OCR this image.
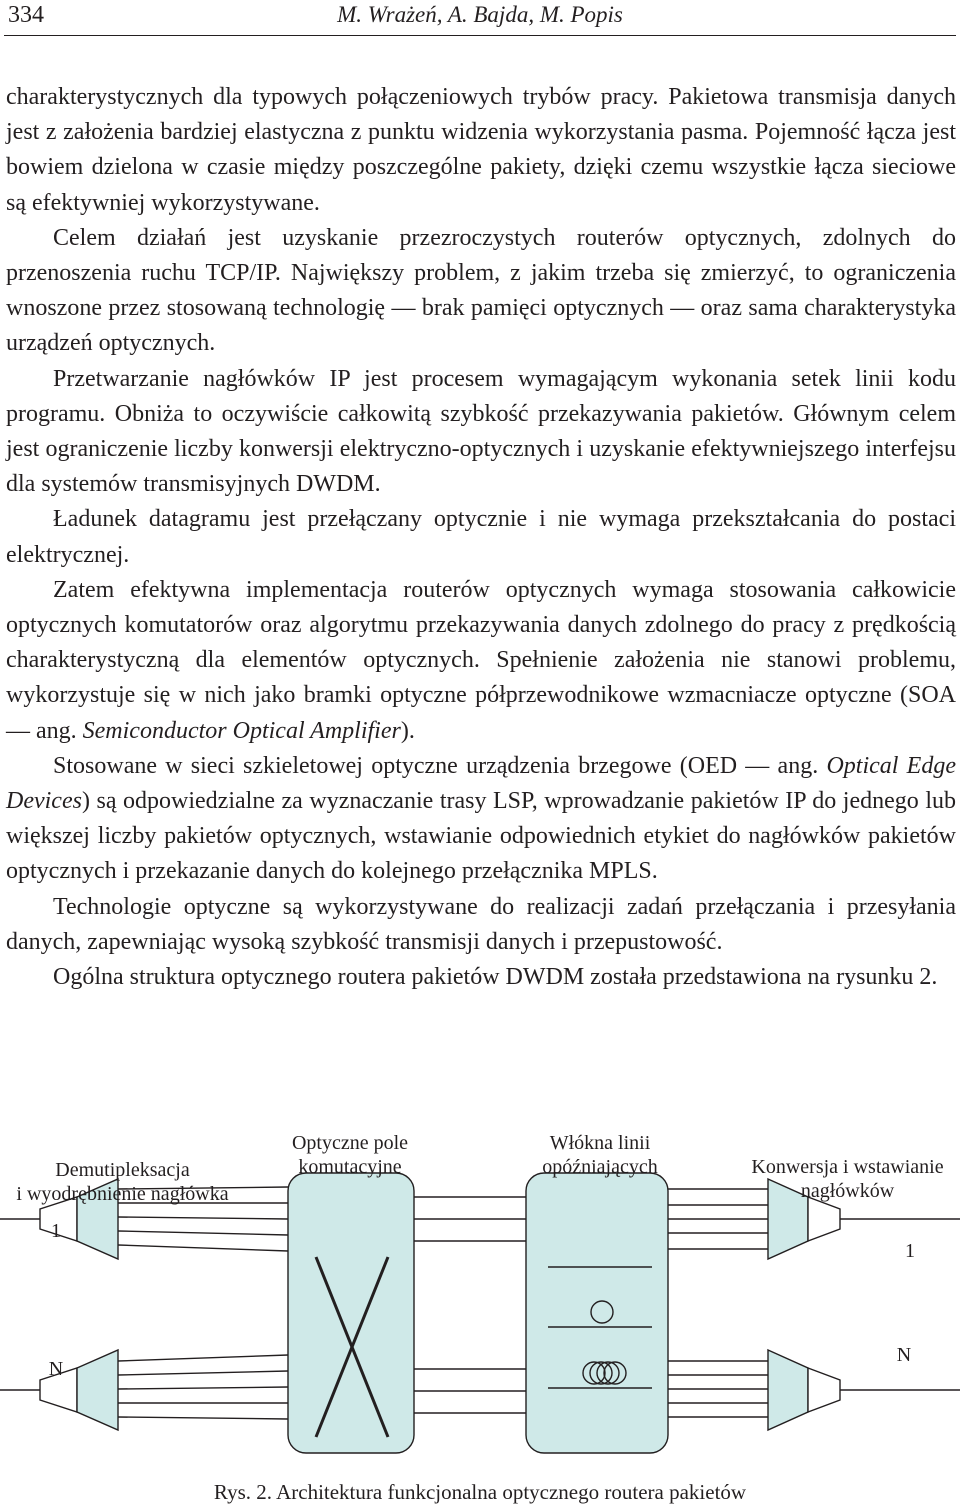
334	M. Wrażeń, A. Bajda, M. Popis

charakterystycznych dla typowych połączeniowych trybów pracy. Pakietowa transmisja danych jest z założenia bardziej elastyczna z punktu widzenia wykorzystania pasma. Pojemność łącza jest bowiem dzielona w czasie między poszczególne pakiety, dzięki czemu wszystkie łącza sieciowe są efektywniej wykorzystywane.

Celem działań jest uzyskanie przezroczystych routerów optycznych, zdolnych do przenoszenia ruchu TCP/IP. Największy problem, z jakim trzeba się zmierzyć, to ograniczenia wnoszone przez stosowaną technologię — brak pamięci optycznych — oraz sama charakterystyka urządzeń optycznych.

Przetwarzanie nagłówków IP jest procesem wymagającym wykonania setek linii kodu programu. Obniża to oczywiście całkowitą szybkość przekazywania pakietów. Głównym celem jest ograniczenie liczby konwersji elektryczno-optycznych i uzyskanie efektywniejszego interfejsu dla systemów transmisyjnych DWDM.

Ładunek datagramu jest przełączany optycznie i nie wymaga przekształcania do postaci elektrycznej.

Zatem efektywna implementacja routerów optycznych wymaga stosowania całkowicie optycznych komutatorów oraz algorytmu przekazywania danych zdolnego do pracy z prędkością charakterystyczną dla elementów optycznych. Spełnienie założenia nie stanowi problemu, wykorzystuje się w nich jako bramki optyczne półprzewodnikowe wzmacniacze optyczne (SOA — ang. Semiconductor Optical Amplifier).

Stosowane w sieci szkieletowej optyczne urządzenia brzegowe (OED — ang. Optical Edge Devices) są odpowiedzialne za wyznaczanie trasy LSP, wprowadzanie pakietów IP do jednego lub większej liczby pakietów optycznych, wstawianie odpowiednich etykiet do nagłówków pakietów optycznych i przekazanie danych do kolejnego przełącznika MPLS.

Technologie optyczne są wykorzystywane do realizacji zadań przełączania i przesyłania danych, zapewniając wysoką szybkość transmisji danych i przepustowość.

Ogólna struktura optycznego routera pakietów DWDM została przedstawiona na rysunku 2.

Demutipleksacja
i wyodrębnienie nagłówka
Optyczne pole
komutacyjne
Włókna linii
opóźniających	Konwersja i wstawianie
nagłówków
1
N
1
N
Rys. 2. Architektura funkcjonalna optycznego routera pakietów
